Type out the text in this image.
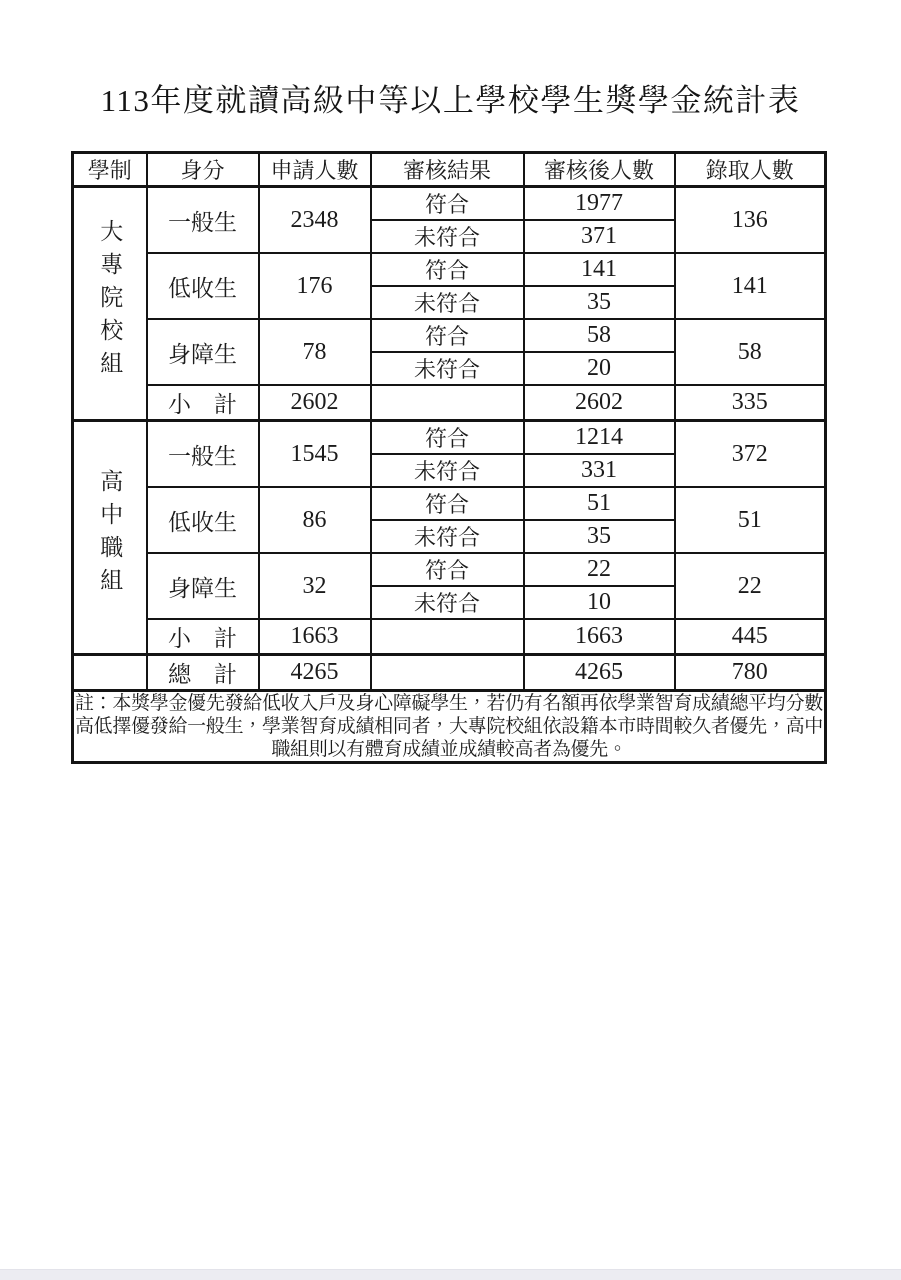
113年度就讀高級中等以上學校學生獎學金統計表
學制	身分	申請人數	審核結果	審核後人數	錄取人數
大專院校組	一般生	2348	符合	1977	136
			未符合	371	
	低收生	176	符合	141	141
			未符合	35	
	身障生	78	符合	58	58
			未符合	20	
	小　計	2602		2602	335
高中職組	一般生	1545	符合	1214	372
			未符合	331	
	低收生	86	符合	51	51
			未符合	35	
	身障生	32	符合	22	22
			未符合	10	
	小　計	1663		1663	445
	總　計	4265		4265	780
註：本獎學金優先發給低收入戶及身心障礙學生，若仍有名額再依學業智育成績總平均分數高低擇優發給一般生，學業智育成績相同者，大專院校組依設籍本市時間較久者優先，高中職組則以有體育成績並成績較高者為優先。					
